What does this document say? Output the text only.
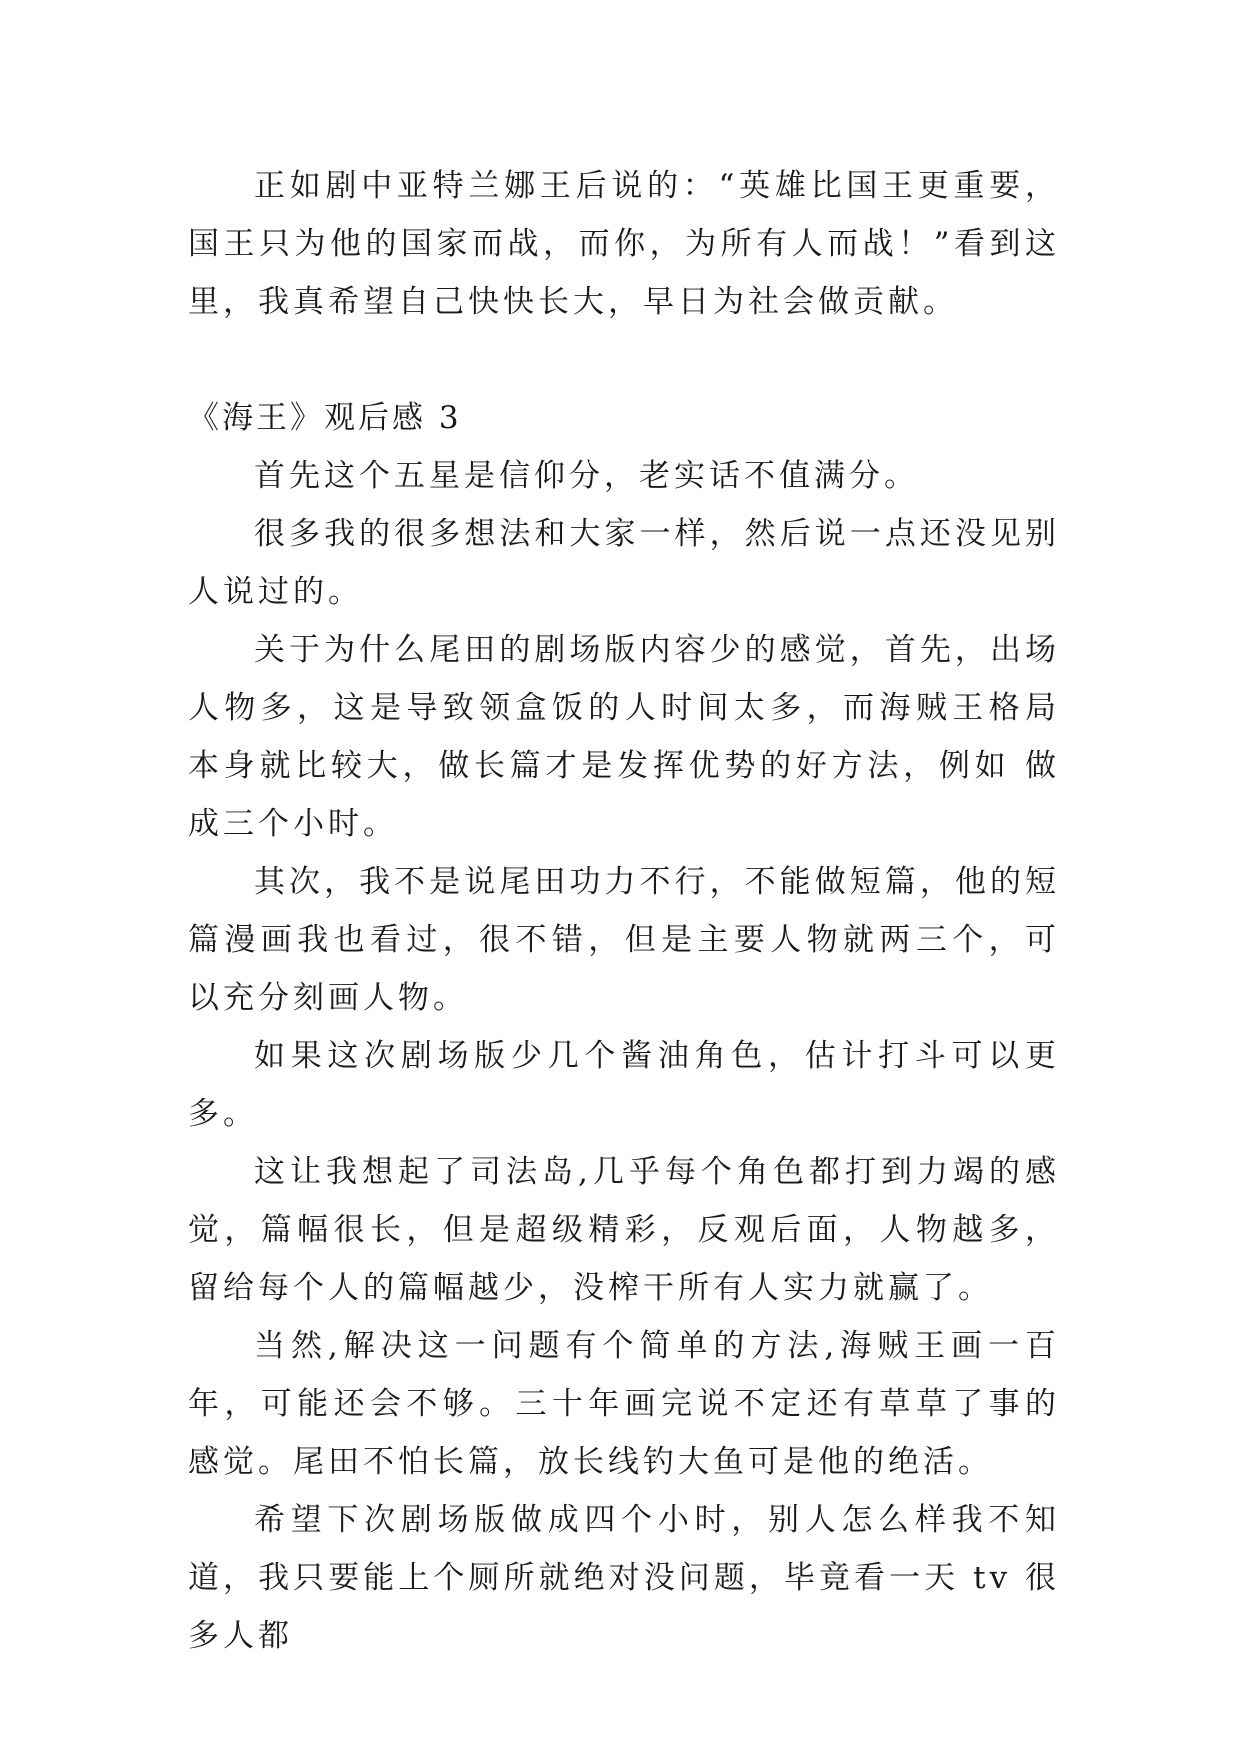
正如剧中亚特兰娜王后说的：“英雄比国王更重要，国王只为他的国家而战，而你，为所有人而战！”看到这里，我真希望自己快快长大，早日为社会做贡献。

《海王》观后感 3

首先这个五星是信仰分，老实话不值满分。

很多我的很多想法和大家一样，然后说一点还没见别人说过的。

关于为什么尾田的剧场版内容少的感觉，首先，出场人物多，这是导致领盒饭的人时间太多，而海贼王格局本身就比较大，做长篇才是发挥优势的好方法，例如 做成三个小时。

其次，我不是说尾田功力不行，不能做短篇，他的短篇漫画我也看过，很不错，但是主要人物就两三个，可以充分刻画人物。

如果这次剧场版少几个酱油角色，估计打斗可以更多。

这让我想起了司法岛,几乎每个角色都打到力竭的感觉，篇幅很长，但是超级精彩，反观后面，人物越多，留给每个人的篇幅越少，没榨干所有人实力就赢了。

当然,解决这一问题有个简单的方法,海贼王画一百年，可能还会不够。三十年画完说不定还有草草了事的感觉。尾田不怕长篇，放长线钓大鱼可是他的绝活。

希望下次剧场版做成四个小时，别人怎么样我不知道，我只要能上个厕所就绝对没问题，毕竟看一天 tv 很多人都
